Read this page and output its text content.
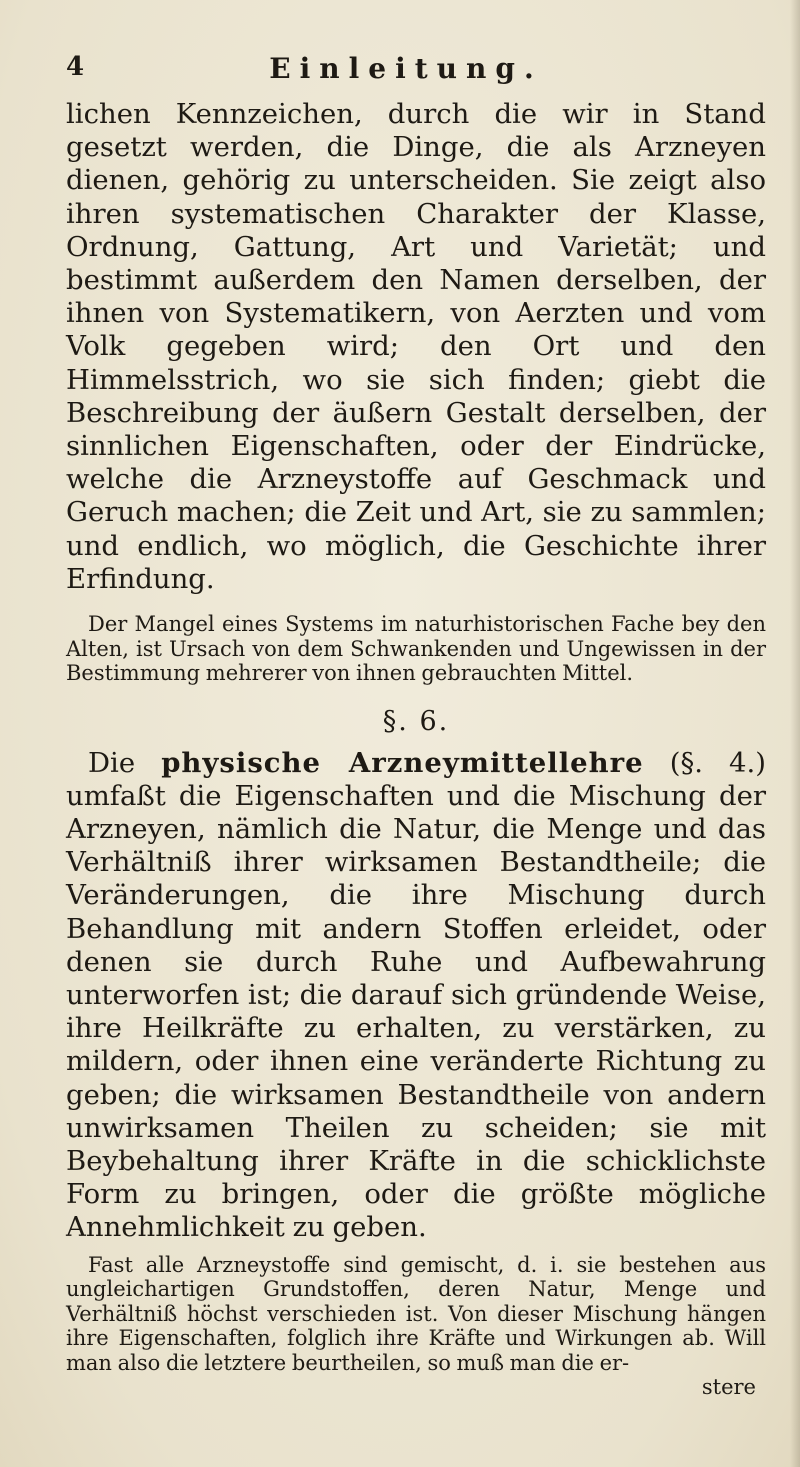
4	Einleitung.

lichen Kennzeichen, durch die wir in Stand gesetzt werden, die Dinge, die als Arzneyen dienen, gehörig zu unterscheiden. Sie zeigt also ihren systematischen Charakter der Klasse, Ordnung, Gattung, Art und Varietät; und bestimmt außerdem den Namen derselben, der ihnen von Systematikern, von Aerzten und vom Volk gegeben wird; den Ort und den Himmelsstrich, wo sie sich finden; giebt die Beschreibung der äußern Gestalt derselben, der sinnlichen Eigenschaften, oder der Eindrücke, welche die Arzneystoffe auf Geschmack und Geruch machen; die Zeit und Art, sie zu sammlen; und endlich, wo möglich, die Geschichte ihrer Erfindung.

Der Mangel eines Systems im naturhistorischen Fache bey den Alten, ist Ursach von dem Schwankenden und Ungewissen in der Bestimmung mehrerer von ihnen gebrauchten Mittel.

§. 6.

Die physische Arzneymittellehre (§. 4.) umfaßt die Eigenschaften und die Mischung der Arzneyen, nämlich die Natur, die Menge und das Verhältniß ihrer wirksamen Bestandtheile; die Veränderungen, die ihre Mischung durch Behandlung mit andern Stoffen erleidet, oder denen sie durch Ruhe und Aufbewahrung unterworfen ist; die darauf sich gründende Weise, ihre Heilkräfte zu erhalten, zu verstärken, zu mildern, oder ihnen eine veränderte Richtung zu geben; die wirksamen Bestandtheile von andern unwirksamen Theilen zu scheiden; sie mit Beybehaltung ihrer Kräfte in die schicklichste Form zu bringen, oder die größte mögliche Annehmlichkeit zu geben.

Fast alle Arzneystoffe sind gemischt, d. i. sie bestehen aus ungleichartigen Grundstoffen, deren Natur, Menge und Verhältniß höchst verschieden ist. Von dieser Mischung hängen ihre Eigenschaften, folglich ihre Kräfte und Wirkungen ab. Will man also die letztere beurtheilen, so muß man die er-

stere
